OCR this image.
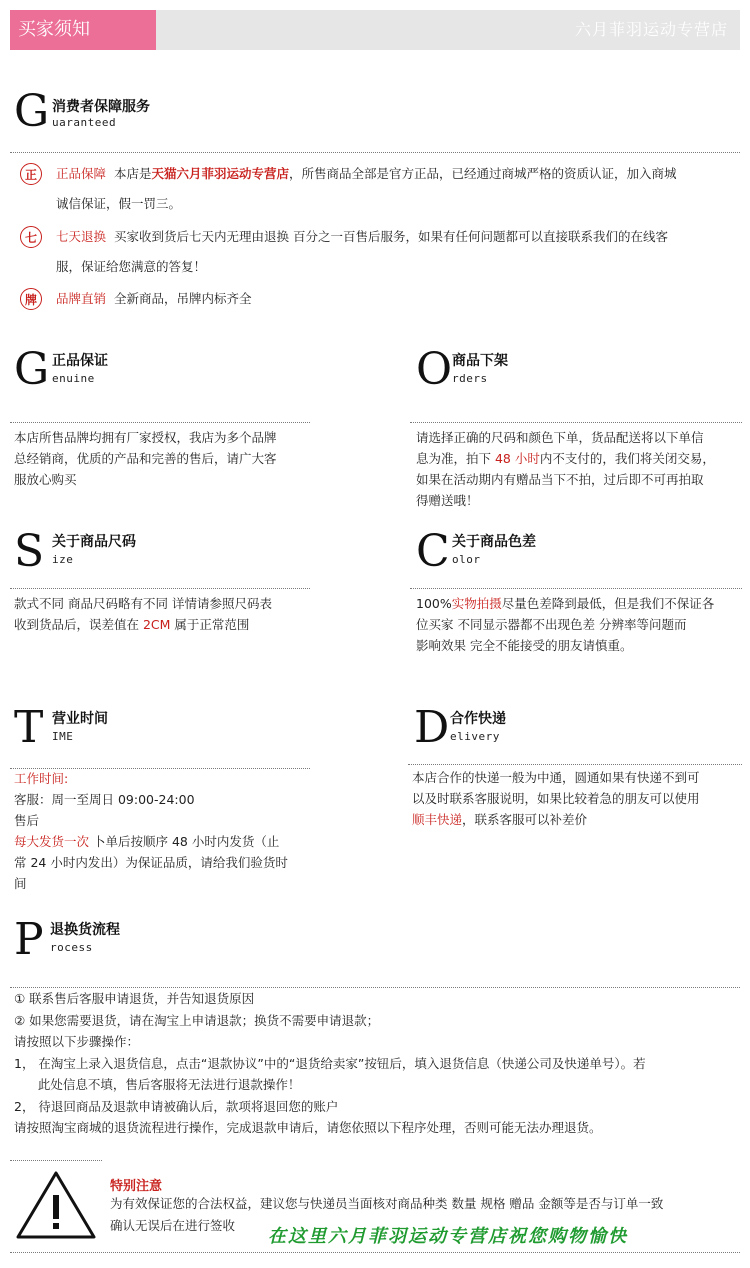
买家须知	六月菲羽运动专营店
G 消费者保障服务
uaranteed
正	正品保障 本店是天猫六月菲羽运动专营店，所售商品全部是官方正品，已经通过商城严格的资质认证，加入商城
诚信保证，假一罚三。
七	七天退换 买家收到货后七天内无理由退换 百分之一百售后服务，如果有任何问题都可以直接联系我们的在线客
服，保证给您满意的答复！
牌	品牌直销 全新商品，吊牌内标齐全
G 正品保证
enuine
本店所售品牌均拥有厂家授权，我店为多个品牌
总经销商，优质的产品和完善的售后，请广大客
服放心购买
O 商品下架
rders
请选择正确的尺码和颜色下单，货品配送将以下单信
息为准，拍下 48 小时内不支付的，我们将关闭交易，
如果在活动期内有赠品当下不拍，过后即不可再拍取
得赠送哦！
S 关于商品尺码
ize
款式不同 商品尺码略有不同 详情请参照尺码表
收到货品后，误差值在 2CM 属于正常范围
C 关于商品色差
olor
100%实物拍摄尽量色差降到最低，但是我们不保证各
位买家 不同显示器都不出现色差 分辨率等问题而
影响效果 完全不能接受的朋友请慎重。
T 营业时间
IME
工作时间:
客服：周一至周日 09:00-24:00
售后
每大发货一次 卜单后按顺序 48 小时内发货（止
常 24 小时内发出）为保证品质，请给我们验货时
间
D 合作快递
elivery
本店合作的快递一般为中通，圆通如果有快递不到可
以及时联系客服说明，如果比较着急的朋友可以使用
顺丰快递，联系客服可以补差价
P 退换货流程
rocess
① 联系售后客服申请退货，并告知退货原因
② 如果您需要退货，请在淘宝上申请退款；换货不需要申请退款；
请按照以下步骤操作：
1， 在淘宝上录入退货信息，点击“退款协议”中的“退货给卖家”按钮后，填入退货信息（快递公司及快递单号）。若
此处信息不填，售后客服将无法进行退款操作！
2， 待退回商品及退款申请被确认后，款项将退回您的账户
请按照淘宝商城的退货流程进行操作，完成退款申请后，请您依照以下程序处理，否则可能无法办理退货。
特别注意
为有效保证您的合法权益，建议您与快递员当面核对商品种类 数量 规格 赠品 金额等是否与订单一致
确认无误后在进行签收
在这里六月菲羽运动专营店祝您购物愉快
